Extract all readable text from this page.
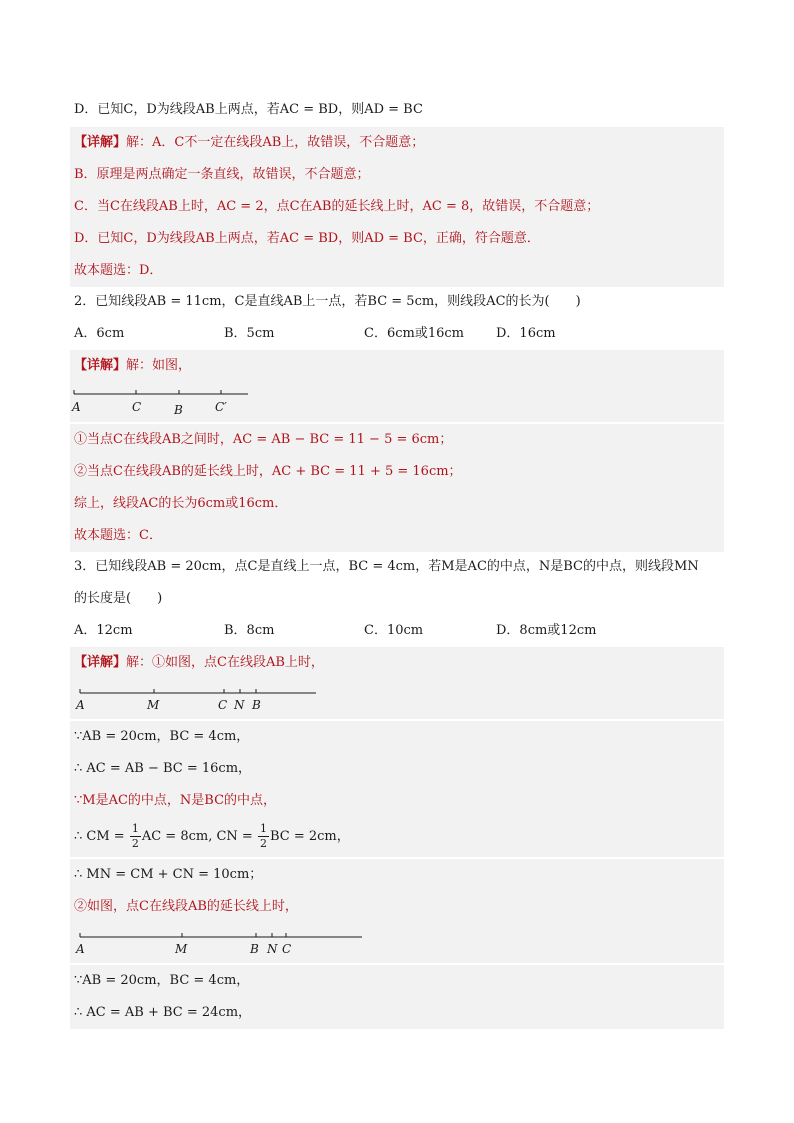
D．已知C，D为线段AB上两点，若AC = BD，则AD = BC
【详解】解：A．C不一定在线段AB上，故错误，不合题意；
B．原理是两点确定一条直线，故错误，不合题意；
C．当C在线段AB上时，AC = 2，点C在AB的延长线上时，AC = 8，故错误，不合题意；
D．已知C，D为线段AB上两点，若AC = BD，则AD = BC，正确，符合题意．
故本题选：D．
2．已知线段AB = 11cm，C是直线AB上一点，若BC = 5cm，则线段AC的长为(　　)
A．6cm	B．5cm	C．6cm或16cm D．16cm
【详解】解：如图，
A	C	B	C′
①当点C在线段AB之间时，AC = AB − BC = 11 − 5 = 6cm；
②当点C在线段AB的延长线上时，AC + BC = 11 + 5 = 16cm；
综上，线段AC的长为6cm或16cm．
故本题选：C．
3．已知线段AB = 20cm，点C是直线上一点，BC = 4cm，若M是AC的中点，N是BC的中点，则线段MN
的长度是(　　)
A．12cm	B．8cm	C．10cm	D．8cm或12cm
【详解】解：①如图，点C在线段AB上时，
A	M	C N B
∵AB = 20cm，BC = 4cm，
∴ AC = AB − BC = 16cm，
∵M是AC的中点，N是BC的中点，
∴ CM = $\frac{1}{2}$ AC = 8cm, CN = $\frac{1}{2}$ BC = 2cm，
∴ MN = CM + CN = 10cm；
②如图，点C在线段AB的延长线上时，
A	M	B N C
∵AB = 20cm，BC = 4cm，
∴ AC = AB + BC = 24cm，
